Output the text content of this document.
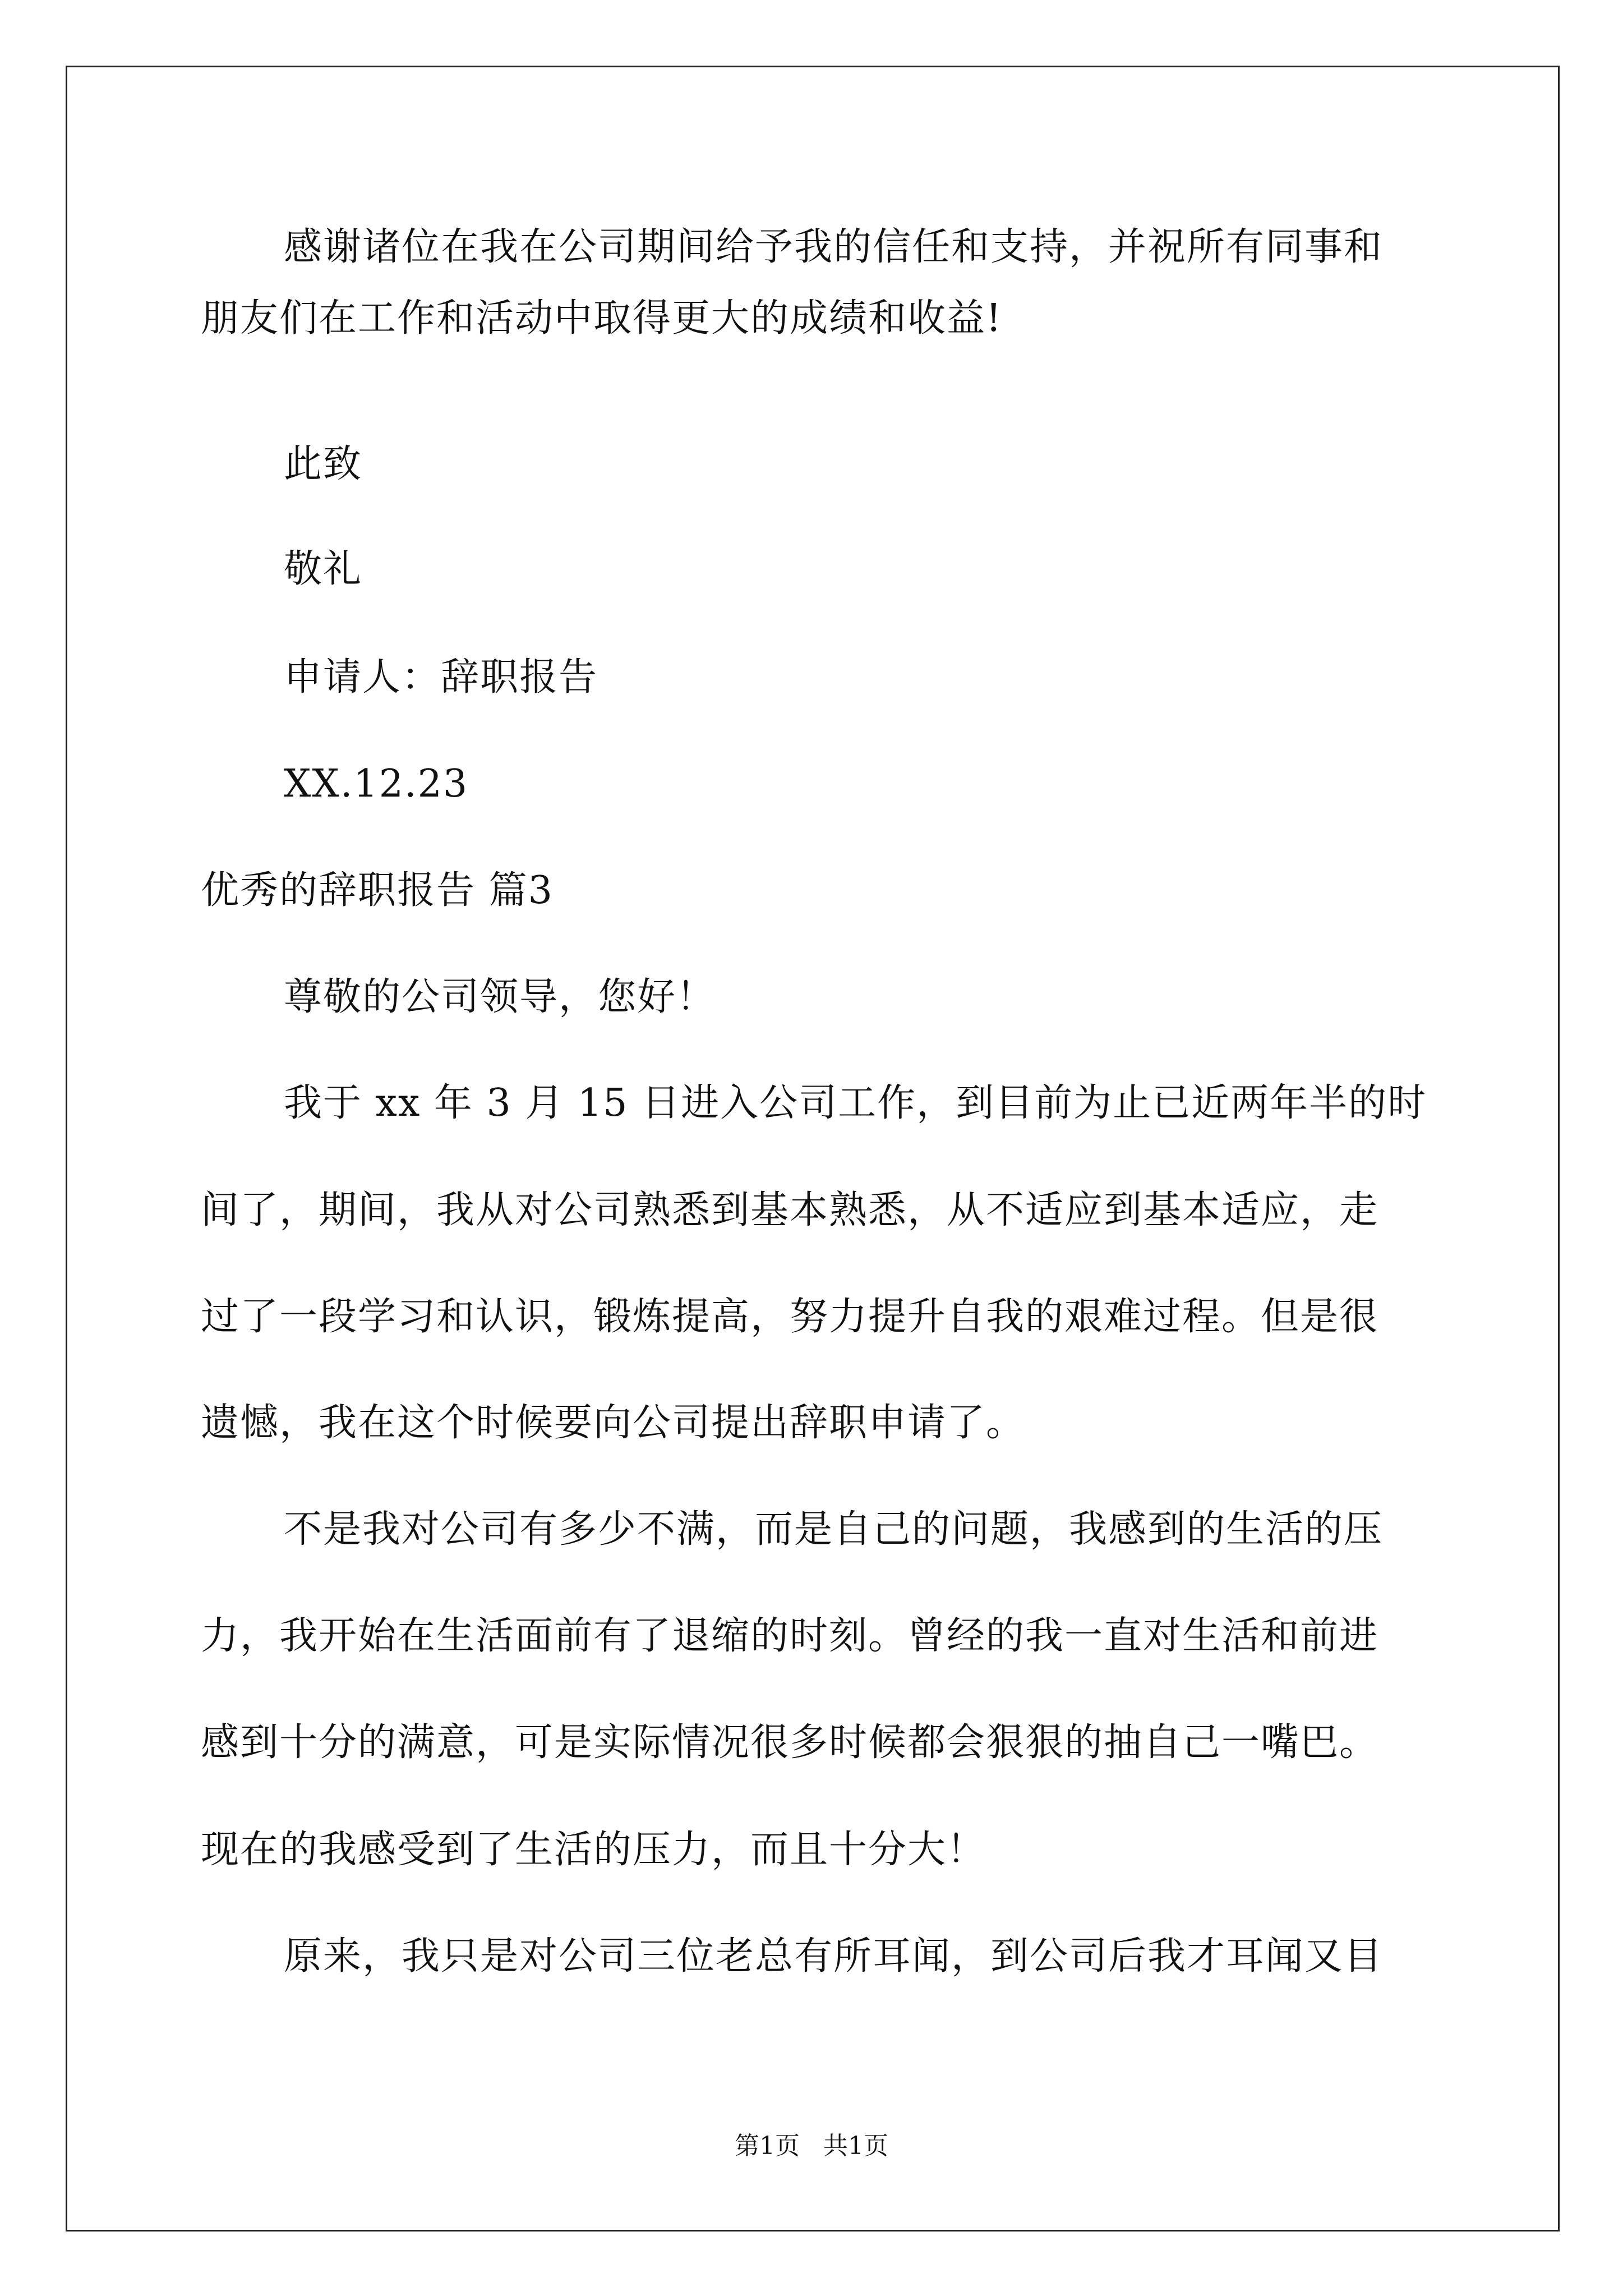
感谢诸位在我在公司期间给予我的信任和支持，并祝所有同事和
朋友们在工作和活动中取得更大的成绩和收益!
此致
敬礼
申请人：辞职报告
XX.12.23
优秀的辞职报告 篇3
尊敬的公司领导，您好！
我于 xx 年 3 月 15 日进入公司工作，到目前为止已近两年半的时
间了，期间，我从对公司熟悉到基本熟悉，从不适应到基本适应，走
过了一段学习和认识，锻炼提高，努力提升自我的艰难过程。但是很
遗憾，我在这个时候要向公司提出辞职申请了。
不是我对公司有多少不满，而是自己的问题，我感到的生活的压
力，我开始在生活面前有了退缩的时刻。曾经的我一直对生活和前进
感到十分的满意，可是实际情况很多时候都会狠狠的抽自己一嘴巴。
现在的我感受到了生活的压力，而且十分大！
原来，我只是对公司三位老总有所耳闻，到公司后我才耳闻又目
第1页   共1页
